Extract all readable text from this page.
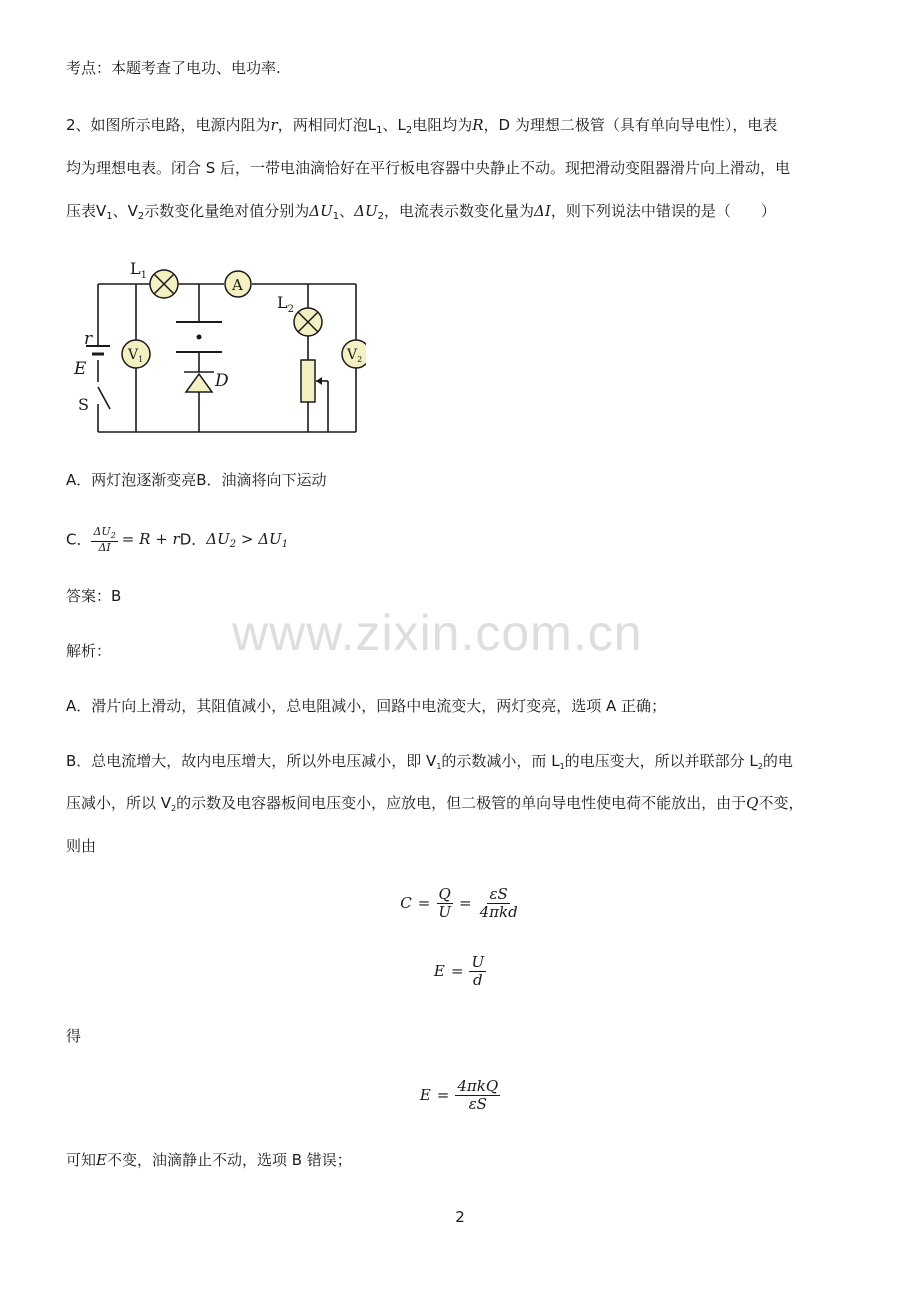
考点：本题考查了电功、电功率.
2、如图所示电路，电源内阻为r，两相同灯泡$L_1$、$L_2$电阻均为R，D 为理想二极管（具有单向导电性），电表
均为理想电表。闭合 S 后，一带电油滴恰好在平行板电容器中央静止不动。现把滑动变阻器滑片向上滑动，电
压表$V_1$、$V_2$示数变化量绝对值分别为$\Delta U_1$、$\Delta U_2$，电流表示数变化量为ΔI，则下列说法中错误的是（　　）
$L_1$
A
$L_2$
r
E
S
$V_1$	$V_2$
D
A．两灯泡逐渐变亮B．油滴将向下运动
C． $\frac{\Delta U_2}{\Delta I} = R$ + rD．$\Delta U_2 > \Delta U_1$
答案：B
www.zixin.com.cn
解析：
A．滑片向上滑动，其阻值减小，总电阻减小，回路中电流变大，两灯变亮，选项 A 正确；
B．总电流增大，故内电压增大，所以外电压减小，即 $V_1$的示数减小，而 $L_1$的电压变大，所以并联部分 $L_2$的电
压减小，所以 $V_2$的示数及电容器板间电压变小，应放电，但二极管的单向导电性使电荷不能放出，由于Q不变，
则由
$C = \frac{Q}{U} = \frac{\varepsilon S}{\text{4πkd}}$
$E = \frac{U}{d}$
得
$E = \frac{\text{4πkQ}}{\varepsilon S}$
可知E不变，油滴静止不动，选项 B 错误；
2
